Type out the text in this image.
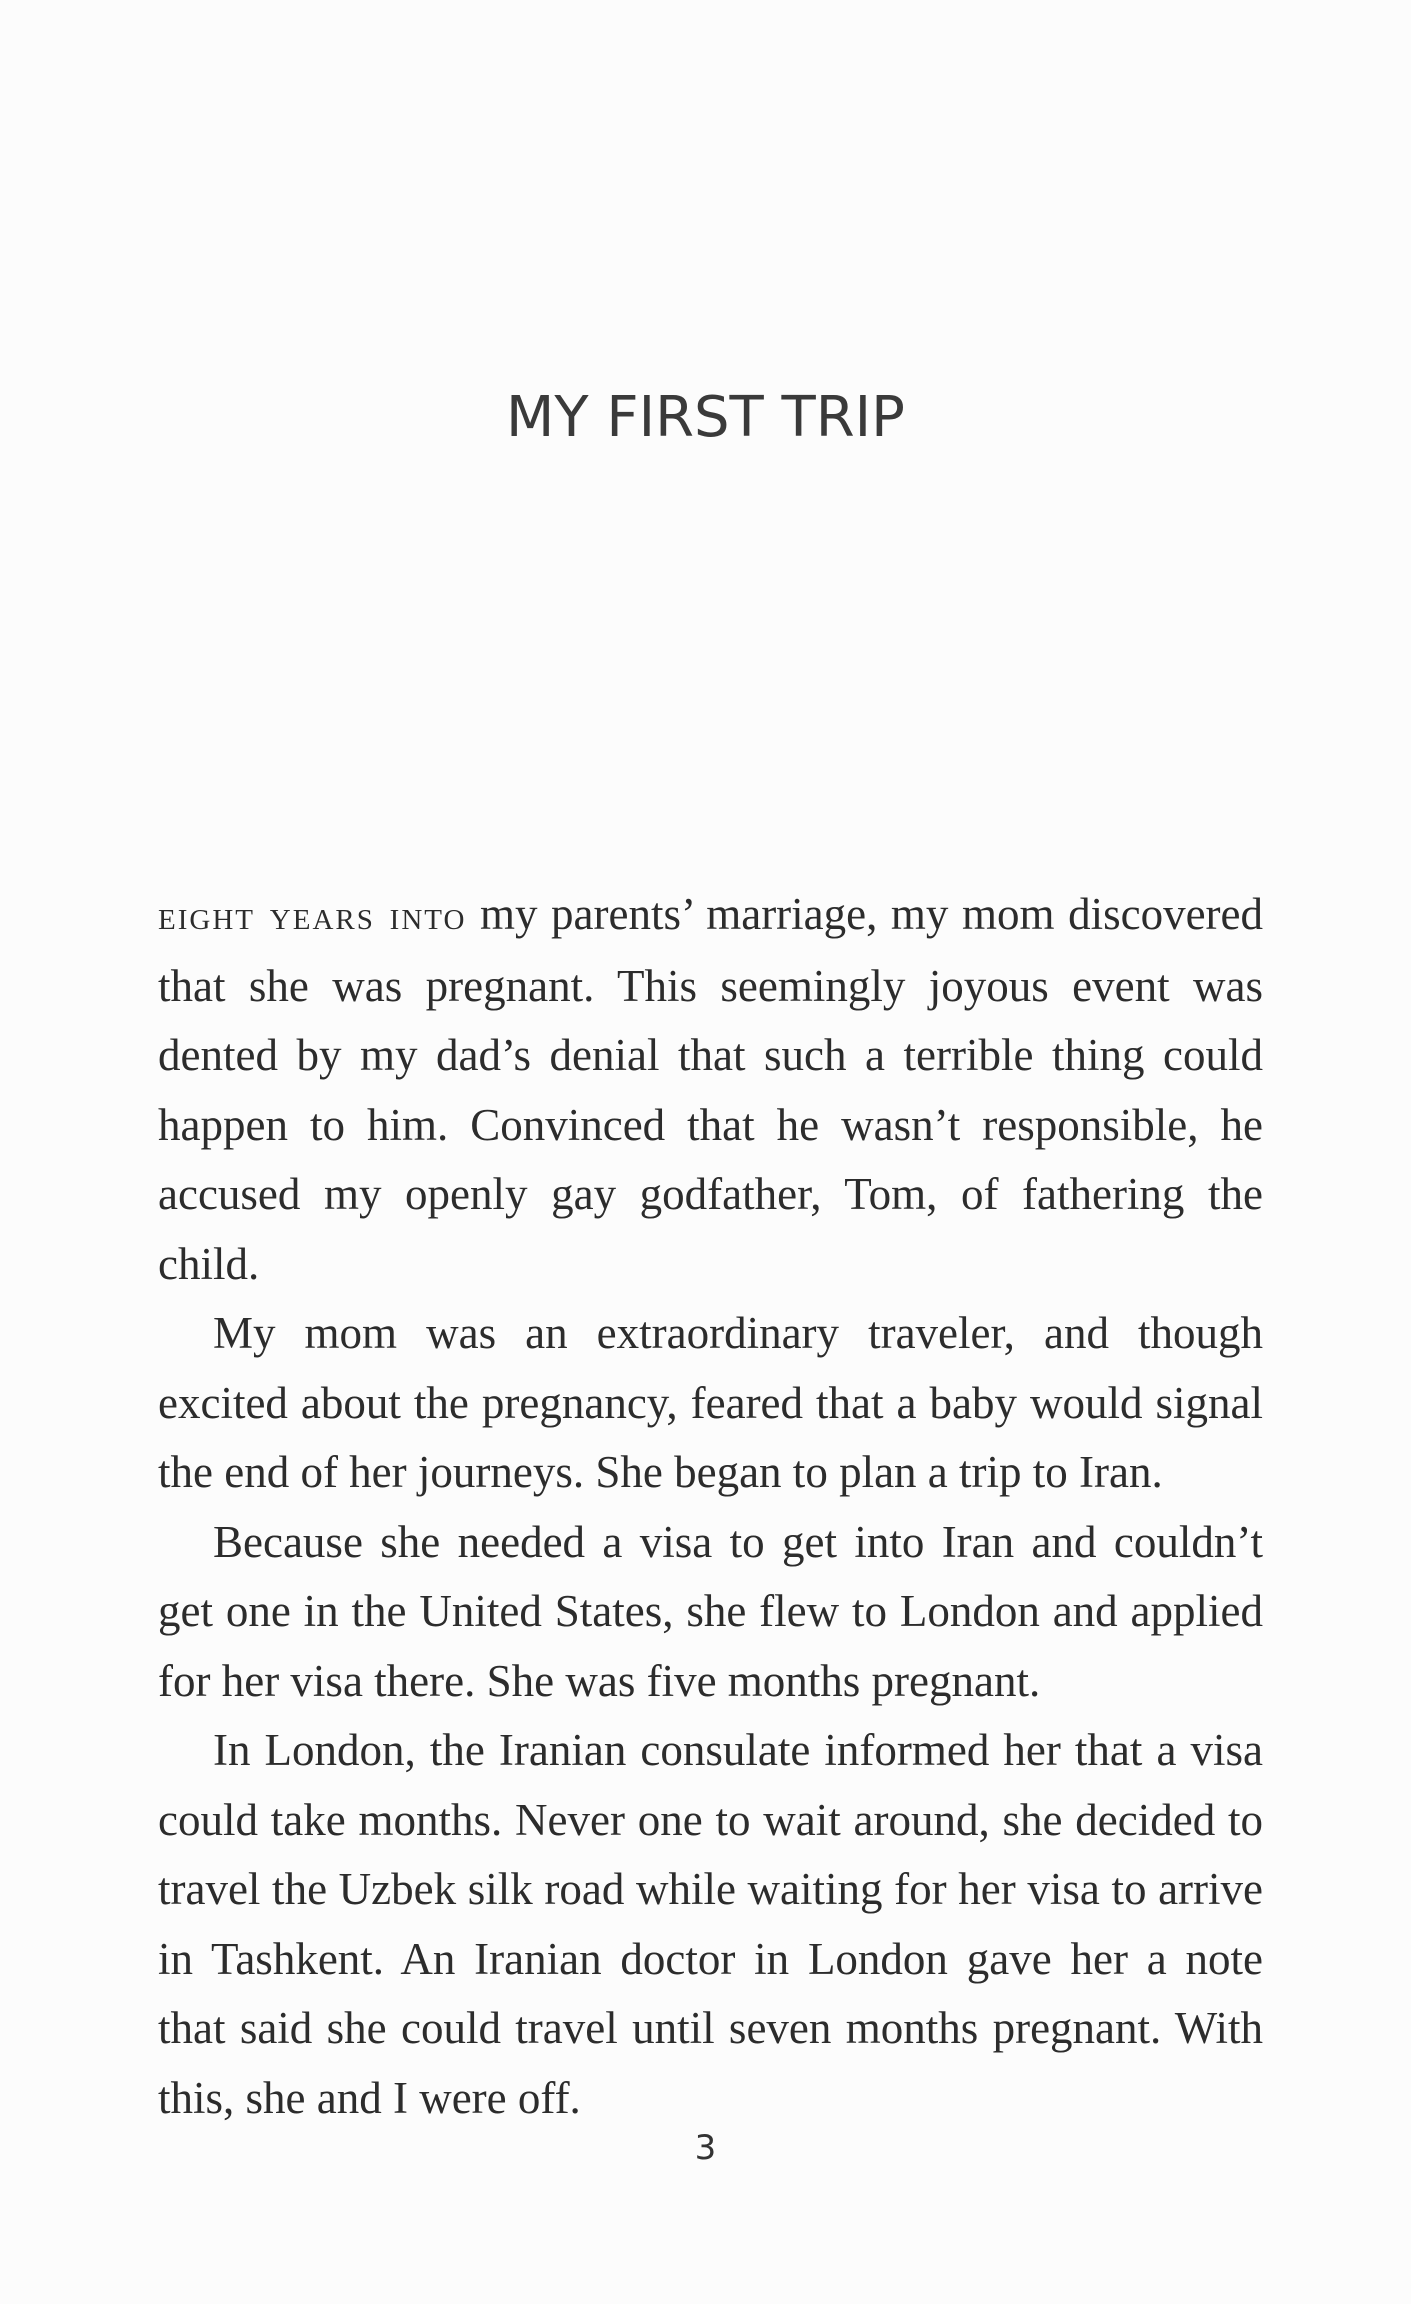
MY FIRST TRIP

eight years into my parents’ marriage, my mom discovered that she was pregnant. This seemingly joyous event was dented by my dad’s denial that such a terrible thing could happen to him. Convinced that he wasn’t responsible, he accused my openly gay godfather, Tom, of fathering the child.

My mom was an extraordinary traveler, and though excited about the pregnancy, feared that a baby would signal the end of her journeys. She began to plan a trip to Iran.

Because she needed a visa to get into Iran and couldn’t get one in the United States, she flew to London and applied for her visa there. She was five months pregnant.

In London, the Iranian consulate informed her that a visa could take months. Never one to wait around, she decided to travel the Uzbek silk road while waiting for her visa to arrive in Tashkent. An Iranian doctor in London gave her a note that said she could travel until seven months pregnant. With this, she and I were off.

3
